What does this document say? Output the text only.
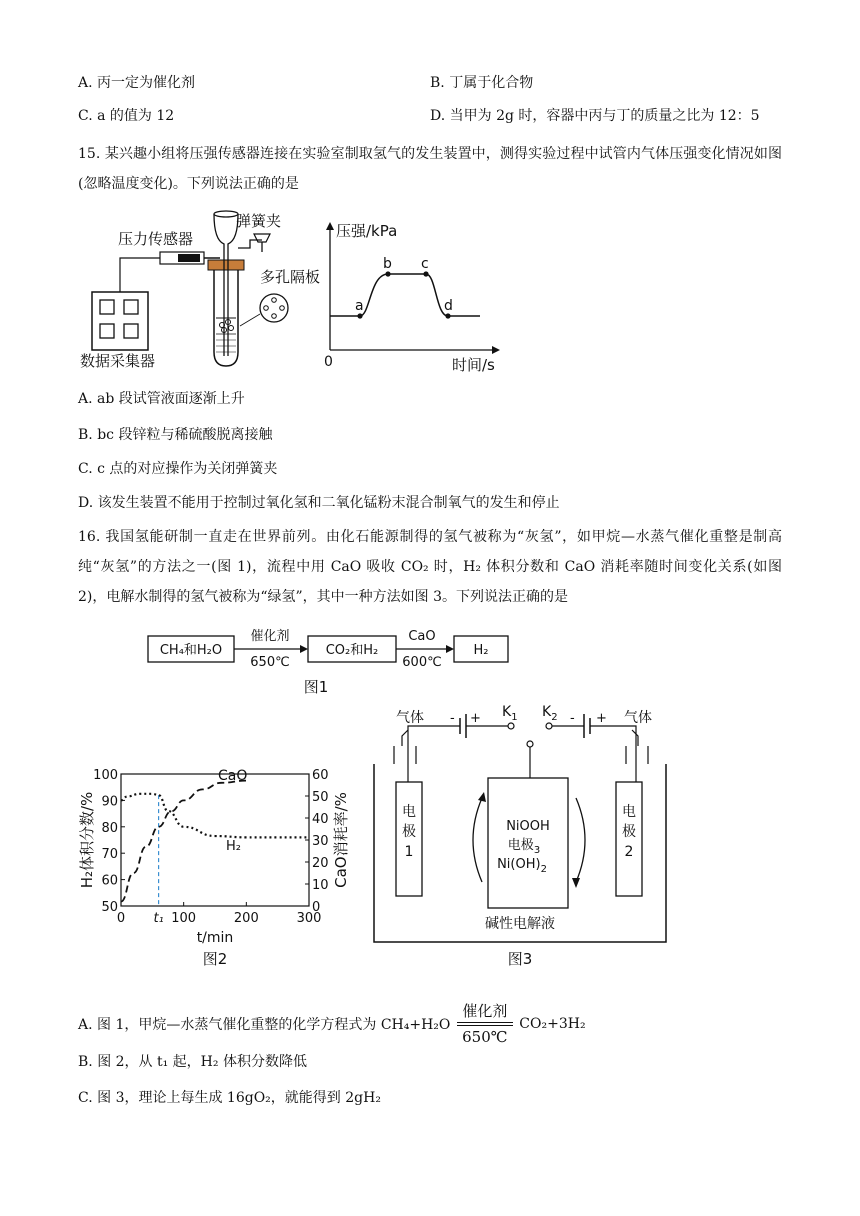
A. 丙一定为催化剂	B. 丁属于化合物
C. a 的值为 12	D. 当甲为 2g 时，容器中丙与丁的质量之比为 12：5
15. 某兴趣小组将压强传感器连接在实验室制取氢气的发生装置中，测得实验过程中试管内气体压强变化情况如图(忽略温度变化)。下列说法正确的是
数据采集器
压力传感器
弹簧夹
多孔隔板
压强/kPa
时间/s
0
a
b c
d
A. ab 段试管液面逐渐上升
B. bc 段锌粒与稀硫酸脱离接触
C. c 点的对应操作为关闭弹簧夹
D. 该发生装置不能用于控制过氧化氢和二氧化锰粉末混合制氧气的发生和停止
16. 我国氢能研制一直走在世界前列。由化石能源制得的氢气被称为“灰氢”，如甲烷—水蒸气催化重整是制高纯“灰氢”的方法之一(图 1)，流程中用 CaO 吸收 CO₂ 时，H₂ 体积分数和 CaO 消耗率随时间变化关系(如图 2)，电解水制得的氢气被称为“绿氢”，其中一种方法如图 3。下列说法正确的是
CH₄和H₂O
催化剂
650℃
CO₂和H₂
CaO
600℃
H₂
图1
50
60
70
80
90
100
0
10
20
30
40
50
60
0	100	200	300
t₁
CaO
H₂
H₂体积分数/%	CaO消耗率/%
t/min
图2
气体	气体
- + $K_1$ $K_2$ - +
电
极
1
电
极
2
NiOOH
电极$_3$
$Ni(OH)_2$
碱性电解液
图3
A. 图 1，甲烷—水蒸气催化重整的化学方程式为 CH₄+H₂O
催化剂
650℃
CO₂+3H₂
B. 图 2，从 t₁ 起，H₂ 体积分数降低
C. 图 3，理论上每生成 16gO₂，就能得到 2gH₂
